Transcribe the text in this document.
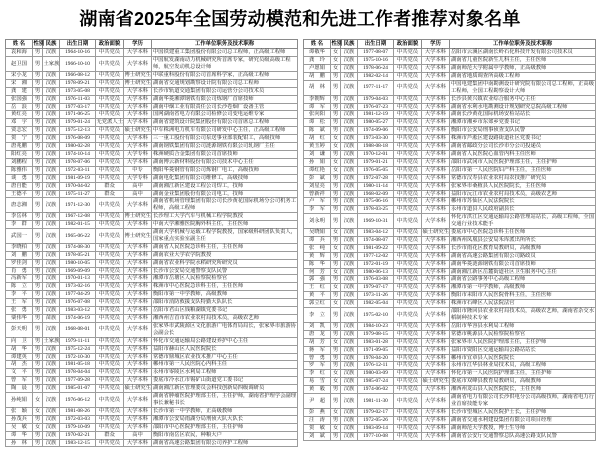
湖南省2025年全国劳动模范和先进工作者推荐对象名单
姓 名	性别	民族	出生日期	政治面貌	学历	工作单位职务及技术职称
袁和海	男	汉族	1964-10-16	中共党员	大学本科	中国铁建重工集团股份有限公司总工程师，正高级工程师
赵卫国	男	土家族	1966-10-10	中共党员	大学本科	中国航发湖南动力机械研究所首席专家，研究员级高级工程师，航空发动机总设计师
宋小龙	男	汉族	1966-08-12	中共党员	博士研究生	中联重科股份有限公司首席科学家，正高级工程师
宋　湘	男	汉族	1978-09-21	中共党员	博士研究生	湖南省交通规划勘察设计院有限公司总工程师
龚　建	男	汉族	1973-05-08	中共党员	大学本科	长沙市轨道交通集团有限公司运营分公司技术员
张国强	男	汉族	1976-11-03	中共党员	大学本科	湖南华菱湘潭钢铁有限公司炼钢厂首席技师
岳　浪	男	汉族	1977-03-17	中共党员	大学本科	湖南中烟工业有限责任公司长沙卷烟厂设备主管
黄红亮	男	汉族	1971-06-25	中共党员	大学本科	国网湖南省电力有限公司检修公司变电运维专家
邓　宇	男	汉族	1979-01-24	无党派人士	大学本科	湖南省建筑设计院集团股份有限公司首席总工程师
贾志宏	男	汉族	1975-12-13	中共党员	硕士研究生	中车株洲电力机车有限公司研发中心主任，正高级工程师
贺　宁	男	汉族	1976-08-09	中共党员	大学本科	三一重工股份有限公司泵送事业部装配钳工，高级技师
唐兆鹏	男	汉族	1980-02-28	中共党员	大学本科	湖南钢铁集团有限公司涟源钢铁有限公司轧钢厂主任
阳红亮	男	汉族	1974-10-14	中共党员	大学专科	株洲硬质合金集团有限公司首席技师
刘鹏程	男	汉族	1978-07-06	中共党员	大学本科	湖南博云新材料股份有限公司技术中心主任
陈雅伟	男	汉族	1972-03-11	中共党员	中专	衡阳华菱钢管有限公司炼钢厂电工，高级技师
谈　勇	男	汉族	1981-09-19	中共党员	大学专科	湖南电化集团有限公司维修工，高级技师
唐自能	男	汉族	1970-04-02	群众	高中	湖南湘江新区建设工程公司焊工，技师
王德平	男	汉族	1975-11-27	群众	高中	湖南金业集团股份有限公司电工，技师
唐志湘	男	汉族	1971-12-30	中共党员	大学本科	湖南省机场管理集团有限公司长沙黄花国际机场分公司机务工程师，高级工程师
李岳林	男	汉族	1967-12-08	中共党员	博士研究生	长沙理工大学汽车与机械工程学院教授
李　群	男	汉族	1982-01-15	中共党员	大学本科	中南大学湘雅医院胸外科主任，主任医师
武国一	男	汉族	1965-06-22	中共党员	博士研究生	湖南大学机械与运载工程学院教授，国家级科研团队负责人，国家重点实验室副主任
李晓柏	男	汉族	1974-08-30	中共党员	大学本科	湖南省人民医院急诊科主任，主任医师
刘　鹏	男	汉族	1978-05-21	中共党员	大学本科	湖南农业大学农学院教授
罗佳剑	男	汉族	1980-10-05	中共党员	大学本科	湖南省农业科学院水稻研究所研究员
肖　勇	男	汉族	1969-09-09	中共党员	大学本科	长沙市公安局交通警察支队民警
冯新军	男	汉族	1970-01-13	中共党员	大学本科	湘潭市岳塘区人民检察院检察官
陈　立	男	汉族	1973-02-16	中共党员	大学本科	株洲市中心医院急诊科主任，主任医师
李　平	男	汉族	1977-04-29	中共党员	大学本科	衡阳市第一中学教师，高级教师
王　军	男	汉族	1976-07-08	中共党员	大学本科	邵阳市消防救援支队特勤大队队长
张　勇	男	汉族	1983-03-12	中共党员	大学本科	岳阳市君山区钱粮湖镇党委书记
粟伟华	男	苗族	1974-06-19	中共党员	大学本科	湘西州吉首市农业农村局技术员，高级农艺师
彭天明	男	汉族	1968-08-01	中共党员	大学本科	张家界市武陵源区文化旅游广电体育局局长，张家界市旅游协会副会长
向　卫	男	土家族	1979-11-11	中共党员	大学本科	怀化市交通运输局公路建设养护中心主任
胡　华	男	汉族	1975-12-24	中共党员	大学本科	益阳市赫山区人民医院院长
谭建英	男	汉族	1972-10-30	中共党员	大学本科	常德市鼎城区农业技术推广中心主任
胡　杰	男	汉族	1981-05-18	中共党员	大学本科	郴州市第一人民医院心内科主任
文　平	男	汉族	1978-04-04	中共党员	大学本科	永州市零陵区水利局工程师
曾　军	男	汉族	1977-09-28	中共党员	大学本科	娄底市冷水江市锡矿山街道党工委书记
陶　晨	男	汉族	1985-01-07	中共党员	硕士研究生	湖南湘江新区管理委员会科技创新局四级调研员
孙纯娟	女	汉族	1976-06-12	中共党员	大学本科	湖南省肿瘤医院护理部主任，主任护师，湖南省护理学会副理事长兼秘书长
张　颖	女	汉族	1981-08-26	中共党员	大学本科	长沙市第一中学教师，正高级教师
孙茂兵	男	汉族	1972-03-03	中共党员	大学本科	湘潭市公安局雨湖分局刑侦大队大队长
吴　敏	女	汉族	1979-10-09	中共党员	大学本科	邵阳市中心医院护理部主任，主任护师
谭　华	男	汉族	1970-02-21	群众	高中	衡阳市南岳区农民，种粮大户
孙　林	男	汉族	1983-12-15	中共党员	大学本科	湖南省高速公路集团有限公司养护工程师
姓 名	性别	民族	出生日期	政治面貌	学历	工作单位职务及技术职称
谭敬华	女	汉族	1977-08-07	中共党员	大学本科	岳阳市云溪区湖南长岭石化科技开发有限公司技术员
龚　玲	女	汉族	1975-10-16	中共党员	大学本科	湖南省儿童医院新生儿科主任，主任医师
卢愿娟	女	汉族	1978-06-24	中共党员	大学本科	湖南师范大学附属中学教师，正高级教师
胡　鹏	男	汉族	1982-02-14	中共党员	大学本科	湖南省地质调查所高级工程师
胡　林	男	汉族	1977-11-17	中共党员	大学本科	中国电建集团中南勘测设计研究院有限公司总工程师，正高级工程师，全国工程勘察设计大师
李朝辉	男	汉族	1979-04-03	中共党员	大学本科	长沙县黄兴镇农业综合服务中心主任
谭　军	男	汉族	1976-07-23	中共党员	大学本科	湖南省水利水电勘测设计规划研究总院高级工程师
张向阳	男	汉族	1981-12-19	中共党员	大学本科	湖南长沙黄花国际机场安检站站长
谭　松	男	汉族	1980-05-27	中共党员	大学本科	湘潭市湘乡市东郊乡党委书记
陈　斌	男	汉族	1974-09-06	中共党员	大学本科	衡阳市公安局刑事侦查支队民警
胡　红	女	汉族	1973-03-30	中共党员	大学本科	株洲市芦淞区建设路街道社区党委书记
黄玉婷	女	汉族	1988-08-18	中共党员	大学本科	湖南省邮政分公司长沙市分公司投递员
刘　谦	男	汉族	1970-12-01	中共党员	大学本科	湖南省人民医院心血管内科主任医师
孙　娟	女	汉族	1979-01-21	中共党员	大学本科	邵阳市武冈市人民医院护理部主任，主任护师
谭红艳	女	汉族	1976-05-05	中共党员	大学本科	岳阳市第一人民医院妇产科主任，主任医师
彭　斌	男	汉族	1972-07-28	中共党员	大学本科	常德市汉寿县农业农村局农技推广研究员
刘星亮	男	汉族	1980-11-14	中共党员	大学本科	张家界市桑植县人民医院院长，主任医师
曾新祥	男	汉族	1968-02-09	中共党员	大学本科	益阳市沅江市农业农村局技术员，高级农艺师
卢　军	男	汉族	1975-06-16	中共党员	大学本科	郴州市苏仙区人民法院院长
李　军	男	汉族	1978-03-25	中共党员	大学本科	永州市道县人民政府副县长
刘永明	男	汉族	1969-10-31	中共党员	大学本科	怀化市洪江区交通运输局公路管理站站长，高级工程师，全国交通行业技术能手
吴晓娟	女	汉族	1983-04-12	中共党员	硕士研究生	娄底市中心医院急诊科主任医师
谭　兵	男	汉族	1974-08-07	中共党员	大学本科	湘西州凤凰县公安局禾库派出所所长
张　纯	女	汉族	1981-09-22	中共党员	大学本科	长沙市雨花区教育局教研员，高级教师
黄　辉	男	汉族	1977-12-02	中共党员	大学本科	湖南省高速公路集团有限公司路政员
陈　华	男	汉族	1972-01-19	中共党员	大学本科	湖南华菱涟源钢铁有限公司首席技师
何　芳	女	汉族	1980-06-13	中共党员	大学本科	湖南湘江新区岳麓街道社区卫生服务中心主任
郭　强	男	汉族	1976-03-08	中共党员	大学本科	湖南省公路事务中心高级工程师
王　红	女	汉族	1979-07-17	中共党员	大学本科	湘潭市第一中学教师，高级教师
黄　平	男	汉族	1973-11-26	中共党员	大学本科	衡阳市耒阳市人民医院骨科主任，主任医师
郭立红	女	汉族	1982-05-04	中共党员	大学本科	株洲市石峰区人民法院法官
李　立	男	汉族	1975-02-10	中共党员	大学本科	邵阳市隆回县农业农村局技术员，高级农艺师，湖南省杂交水稻制种技术专家
刘　凯	男	汉族	1984-10-23	中共党员	大学本科	岳阳市华容县水利局工程师
唐　龙	男	汉族	1979-08-15	中共党员	大学本科	常德市桃源县人民检察院检察官
胡　芳	女	汉族	1983-01-28	中共党员	大学本科	张家界市人民医院护理部主任，主任护师
蒋　军	男	汉族	1971-09-05	中共党员	大学本科	益阳市资阳区交通运输局公路站站长
曾　勇	男	汉族	1978-04-20	中共党员	大学本科	郴州市宜章县人民医院院长
罗　军	男	汉族	1976-12-11	中共党员	大学本科	永州市江华县林业局技术员，高级工程师
李　红	女	汉族	1980-03-09	中共党员	大学本科	怀化市第一人民医院护理部主任，主任护师
易　雪	女	汉族	1985-07-24	中共党员	硕士研究生	娄底市双峰县教育局教研员，高级教师
黄　毅	男	汉族	1974-06-02	中共党员	大学本科	湘西州龙山县人民医院院长，主任医师
尹　超	男	汉族	1981-11-30	中共党员	大学本科	湖南省电力有限公司长沙供电分公司高级技师，湖南省电力行业首席技能专家
彭　燕	女	汉族	1979-02-17	中共党员	大学本科	长沙市望城区人民医院护士长，主任护师
汪　涛	男	汉族	1972-05-26	中共党员	大学本科	湖南省交通水利建设集团有限公司项目经理
贺　敏	女	汉族	1983-09-14	中共党员	大学本科	湖南师范大学教授，博士生导师
刘　斌	男	汉族	1977-10-08	中共党员	大学本科	湖南省公安厅交通警察总队高速公路支队民警
